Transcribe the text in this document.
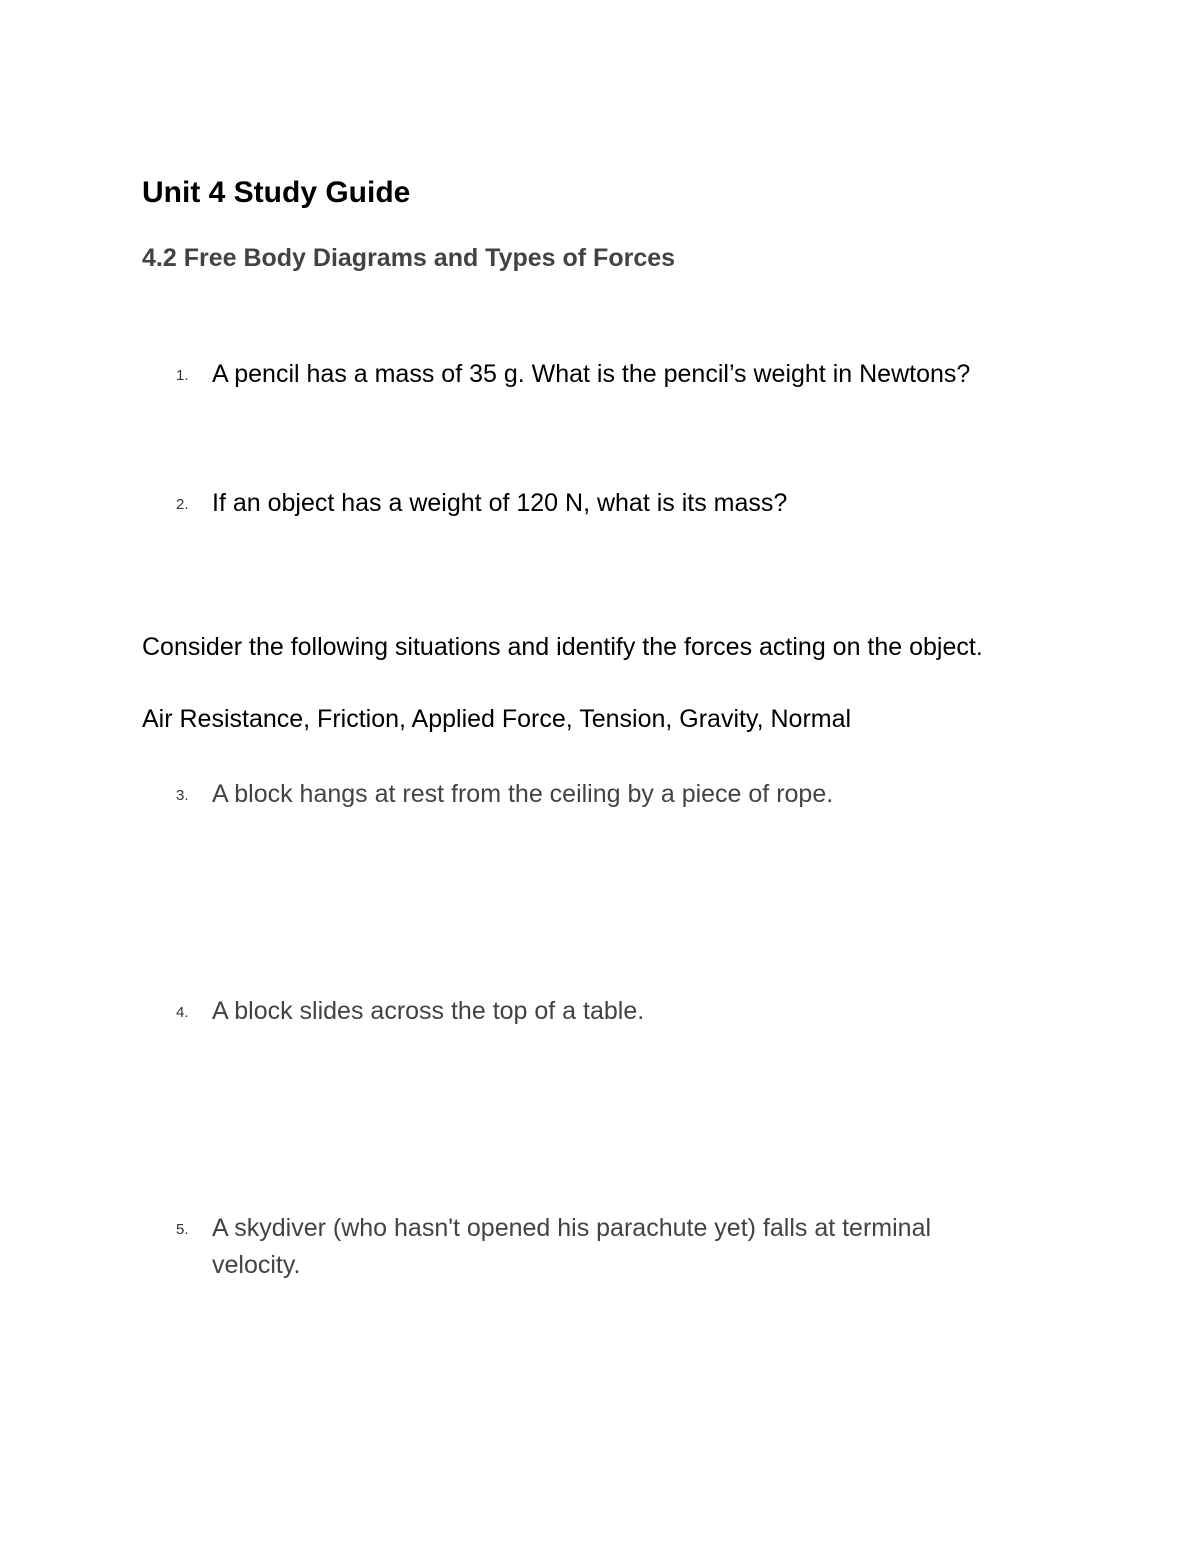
Unit 4 Study Guide
4.2 Free Body Diagrams and Types of Forces
1. A pencil has a mass of 35 g. What is the pencil’s weight in Newtons?
2. If an object has a weight of 120 N, what is its mass?

Consider the following situations and identify the forces acting on the object.

Air Resistance, Friction, Applied Force, Tension, Gravity, Normal

3. A block hangs at rest from the ceiling by a piece of rope.
4. A block slides across the top of a table.
5. A skydiver (who hasn't opened his parachute yet) falls at terminal velocity.
